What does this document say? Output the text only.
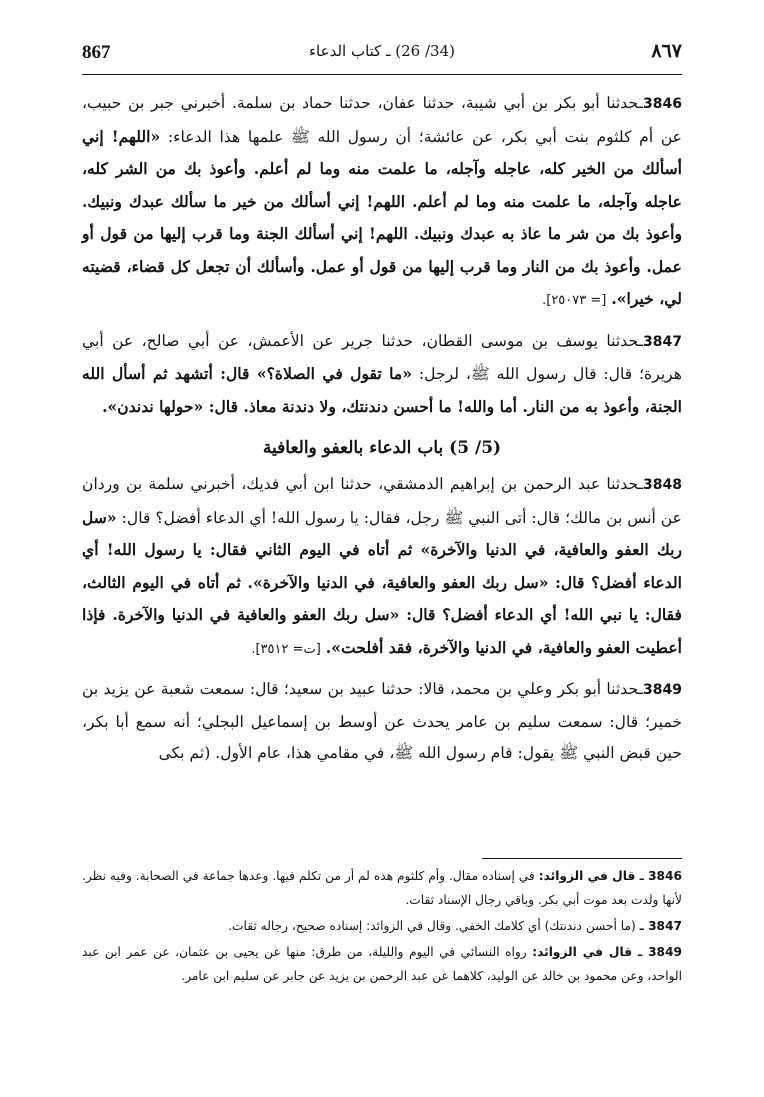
867	(34/ 26) ـ كتاب الدعاء	٨٦٧

3846ـحدثنا أبو بكر بن أبي شيبة، حدثنا عفان، حدثنا حماد بن سلمة. أخبرني جبر بن حبيب، عن أم كلثوم بنت أبي بكر، عن عائشة؛ أن رسول الله ﷺ علمها هذا الدعاء: «اللهم! إني أسألك من الخير كله، عاجله وآجله، ما علمت منه وما لم أعلم. وأعوذ بك من الشر كله، عاجله وآجله، ما علمت منه وما لم أعلم. اللهم! إني أسألك من خير ما سألك عبدك ونبيك. وأعوذ بك من شر ما عاذ به عبدك ونبيك. اللهم! إني أسألك الجنة وما قرب إليها من قول أو عمل. وأعوذ بك من النار وما قرب إليها من قول أو عمل. وأسألك أن تجعل كل قضاء، قضيته لي، خيرا». [= ٢٥٠٧٣].

3847ـحدثنا يوسف بن موسى القطان، حدثنا جرير عن الأعمش، عن أبي صالح، عن أبي هريرة؛ قال: قال رسول الله ﷺ، لرجل: «ما تقول في الصلاة؟» قال: أتشهد ثم أسأل الله الجنة، وأعوذ به من النار. أما والله! ما أحسن دندنتك، ولا دندنة معاذ. قال: «حولها ندندن».

(5/ 5) باب الدعاء بالعفو والعافية

3848ـحدثنا عبد الرحمن بن إبراهيم الدمشقي، حدثنا ابن أبي فديك، أخبرني سلمة بن وردان عن أنس بن مالك؛ قال: أتى النبي ﷺ رجل، فقال: يا رسول الله! أي الدعاء أفضل؟ قال: «سل ربك العفو والعافية، في الدنيا والآخرة» ثم أتاه في اليوم الثاني فقال: يا رسول الله! أي الدعاء أفضل؟ قال: «سل ربك العفو والعافية، في الدنيا والآخرة». ثم أتاه في اليوم الثالث، فقال: يا نبي الله! أي الدعاء أفضل؟ قال: «سل ربك العفو والعافية في الدنيا والآخرة. فإذا أعطيت العفو والعافية، في الدنيا والآخرة، فقد أفلحت». [ت= ٣٥١٢].

3849ـحدثنا أبو بكر وعلي بن محمد، قالا: حدثنا عبيد بن سعيد؛ قال: سمعت شعبة عن يزيد بن خمير؛ قال: سمعت سليم بن عامر يحدث عن أوسط بن إسماعيل البجلي؛ أنه سمع أبا بكر، حين قبض النبي ﷺ يقول: قام رسول الله ﷺ، في مقامي هذا، عام الأول. (ثم بكى

3846 ـ قال في الزوائد: في إسناده مقال. وأم كلثوم هذه لم أر من تكلم فيها. وعدها جماعة في الصحابة. وفيه نظر. لأنها ولدت بعد موت أبي بكر. وباقي رجال الإسناد ثقات.

3847 ـ (ما أحسن دندنتك) أي كلامك الخفي. وقال في الزوائد: إسناده صحيح، رجاله ثقات.

3849 ـ قال في الزوائد: رواه النسائي في اليوم والليلة، من طرق: منها عن يحيى بن عثمان، عن عمر ابن عبد الواحد، وعن محمود بن خالد عن الوليد، كلاهما عن عبد الرحمن بن يزيد عن جابر عن سليم ابن عامر.
